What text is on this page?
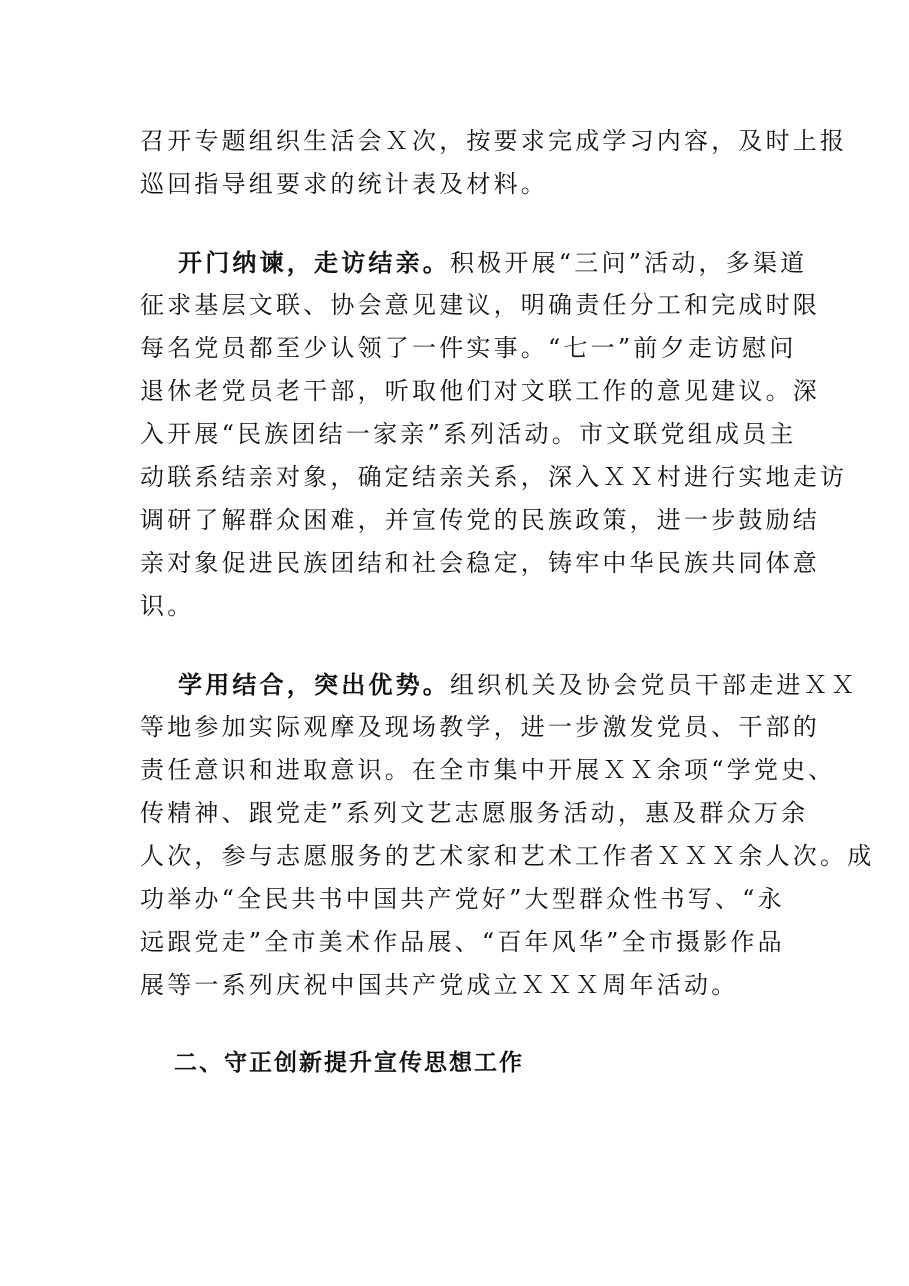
召开专题组织生活会Ｘ次，按要求完成学习内容，及时上报
巡回指导组要求的统计表及材料。
开门纳谏，走访结亲。积极开展“三问”活动，多渠道
征求基层文联、协会意见建议，明确责任分工和完成时限
每名党员都至少认领了一件实事。“七一”前夕走访慰问
退休老党员老干部，听取他们对文联工作的意见建议。深
入开展“民族团结一家亲”系列活动。市文联党组成员主
动联系结亲对象，确定结亲关系，深入ＸＸ村进行实地走访
调研了解群众困难，并宣传党的民族政策，进一步鼓励结
亲对象促进民族团结和社会稳定，铸牢中华民族共同体意
识。
学用结合，突出优势。组织机关及协会党员干部走进ＸＸ
等地参加实际观摩及现场教学，进一步激发党员、干部的
责任意识和进取意识。在全市集中开展ＸＸ余项“学党史、
传精神、跟党走”系列文艺志愿服务活动，惠及群众万余
人次，参与志愿服务的艺术家和艺术工作者ＸＸＸ余人次。成
功举办“全民共书中国共产党好”大型群众性书写、“永
远跟党走”全市美术作品展、“百年风华”全市摄影作品
展等一系列庆祝中国共产党成立ＸＸＸ周年活动。
二、守正创新提升宣传思想工作
